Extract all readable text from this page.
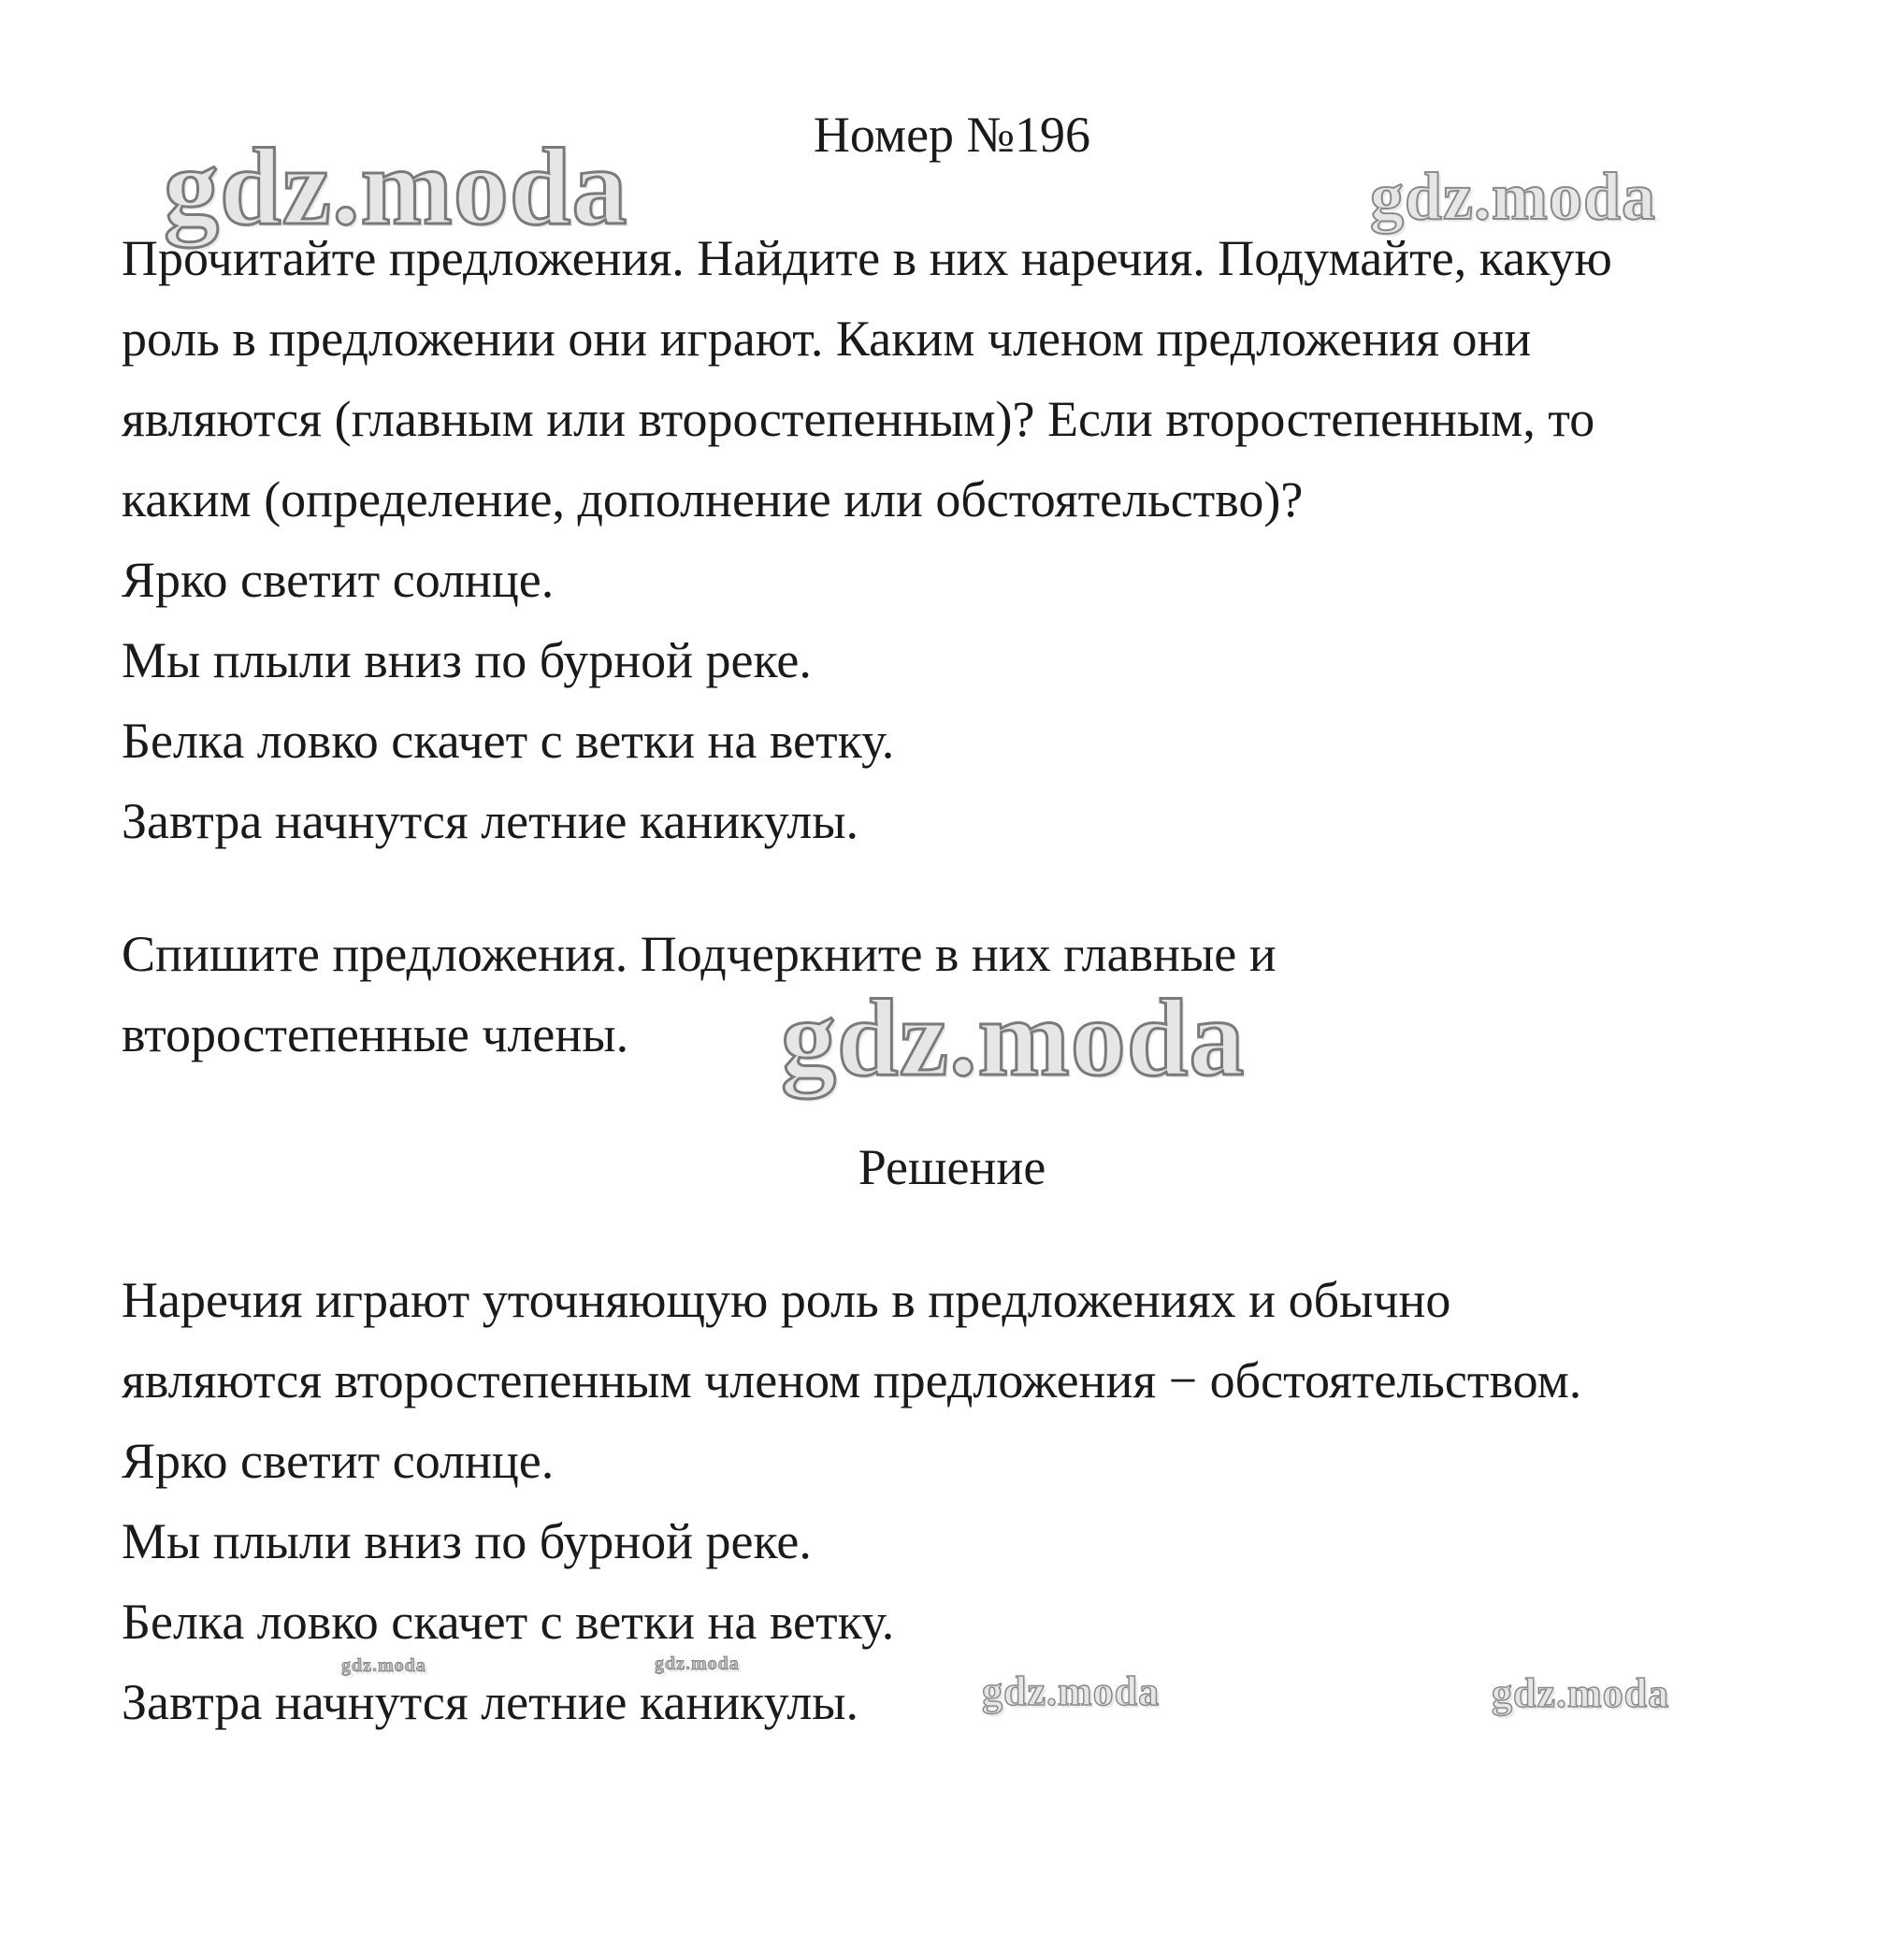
Номер №196

Прочитайте предложения. Найдите в них наречия. Подумайте, какую

роль в предложении они играют. Каким членом предложения они

являются (главным или второстепенным)? Если второстепенным, то

каким (определение, дополнение или обстоятельство)?

Ярко светит солнце.

Мы плыли вниз по бурной реке.

Белка ловко скачет с ветки на ветку.

Завтра начнутся летние каникулы.

Спишите предложения. Подчеркните в них главные и

второстепенные члены.

Решение

Наречия играют уточняющую роль в предложениях и обычно

являются второстепенным членом предложения − обстоятельством.

Ярко светит солнце.

Мы плыли вниз по бурной реке.

Белка ловко скачет с ветки на ветку.

Завтра начнутся летние каникулы.

gdz.moda	gdz.moda
gdz.moda
gdz.moda	gdz.moda
gdz.moda	gdz.moda
